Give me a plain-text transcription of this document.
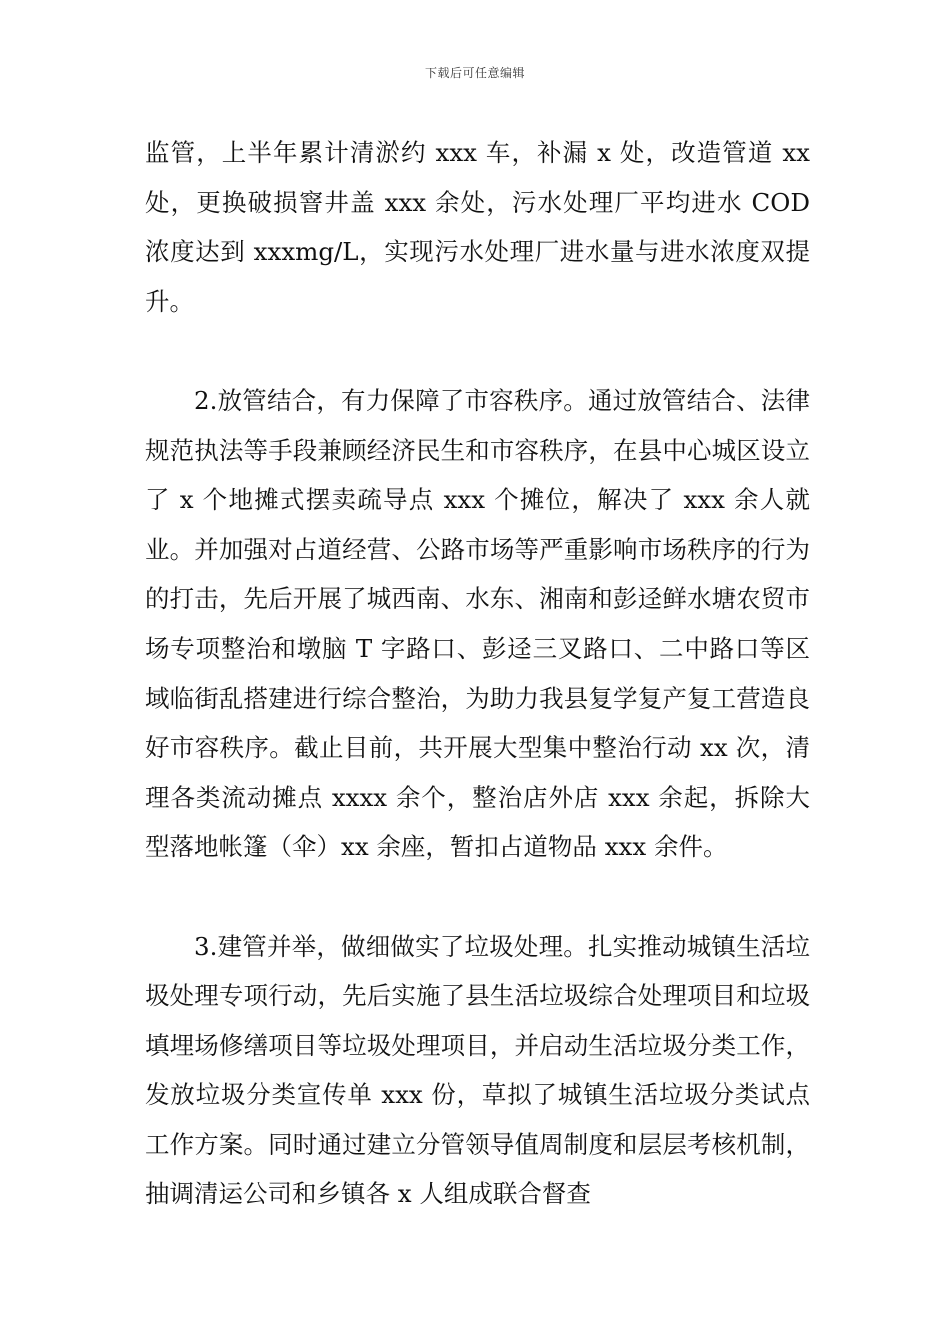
下载后可任意编辑

监管，上半年累计清淤约 xxx 车，补漏 x 处，改造管道 xx 处，更换破损窨井盖 xxx 余处，污水处理厂平均进水 COD 浓度达到 xxxmg/L，实现污水处理厂进水量与进水浓度双提升。

2.放管结合，有力保障了市容秩序。通过放管结合、法律规范执法等手段兼顾经济民生和市容秩序，在县中心城区设立了 x 个地摊式摆卖疏导点 xxx 个摊位，解决了 xxx 余人就业。并加强对占道经营、公路市场等严重影响市场秩序的行为的打击，先后开展了城西南、水东、湘南和彭迳鲜水塘农贸市场专项整治和墩脑 T 字路口、彭迳三叉路口、二中路口等区域临街乱搭建进行综合整治，为助力我县复学复产复工营造良好市容秩序。截止目前，共开展大型集中整治行动 xx 次，清理各类流动摊点 xxxx 余个，整治店外店 xxx 余起，拆除大型落地帐篷（伞）xx 余座，暂扣占道物品 xxx 余件。

3.建管并举，做细做实了垃圾处理。扎实推动城镇生活垃圾处理专项行动，先后实施了县生活垃圾综合处理项目和垃圾填埋场修缮项目等垃圾处理项目，并启动生活垃圾分类工作，发放垃圾分类宣传单 xxx 份，草拟了城镇生活垃圾分类试点工作方案。同时通过建立分管领导值周制度和层层考核机制，抽调清运公司和乡镇各 x 人组成联合督查
